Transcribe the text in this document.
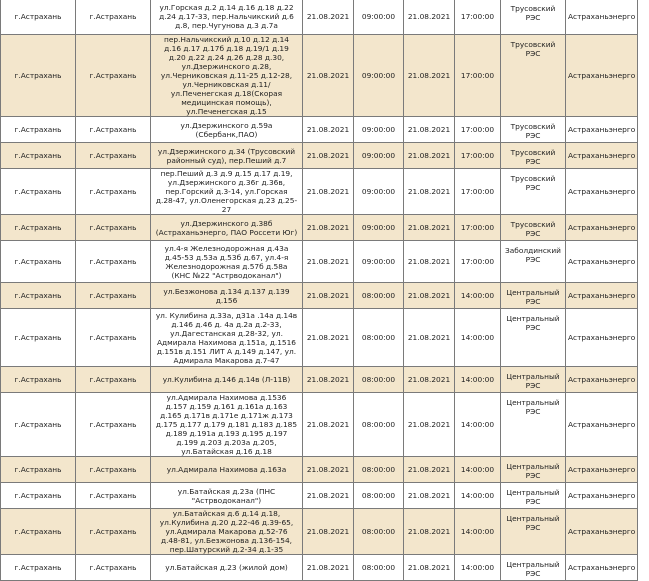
г.Астрахань	г.Астрахань	ул.Горская д.2 д.14 д.16 д.18 д.22 д.24 д.17-33, пер.Нальчикский д.6 д.8, пер.Чугунова д.3 д.7а	21.08.2021	09:00:00	21.08.2021	17:00:00	Трусовский РЭС	Астраханьэнерго
г.Астрахань	г.Астрахань	пер.Нальчикский д.10 д.12 д.14 д.16 д.17 д.17б д.18 д.19/1 д.19 д.20 д.22 д.24 д.26 д.28 д.30, ул.Дзержинского д.28, ул.Черниковская д.11-25 д.12-28, ул.Черниковская д.11/ ул.Печенегская д.18(Скорая медицинская помощь), ул.Печенегская д.15	21.08.2021	09:00:00	21.08.2021	17:00:00	Трусовский РЭС	Астраханьэнерго
г.Астрахань	г.Астрахань	ул.Дзержинского д.59а (Сбербанк,ПАО)	21.08.2021	09:00:00	21.08.2021	17:00:00	Трусовский РЭС	Астраханьэнерго
г.Астрахань	г.Астрахань	ул.Дзержинского д.34 (Трусовский районный суд), пер.Пеший д.7	21.08.2021	09:00:00	21.08.2021	17:00:00	Трусовский РЭС	Астраханьэнерго
г.Астрахань	г.Астрахань	пер.Пеший д.3 д.9 д.15 д.17 д.19, ул.Дзержинского д.36г д.36в, пер.Горский д.3-14, ул.Горская д.28-47, ул.Оленегорская д.23 д.25-27	21.08.2021	09:00:00	21.08.2021	17:00:00	Трусовский РЭС	Астраханьэнерго
г.Астрахань	г.Астрахань	ул.Дзержинского д.38б (Астраханьэнерго, ПАО Россети Юг)	21.08.2021	09:00:00	21.08.2021	17:00:00	Трусовский РЭС	Астраханьэнерго
г.Астрахань	г.Астрахань	ул.4-я Железнодорожная д.43а д.45-53 д.53а д.53б д.67, ул.4-я Железнодорожная д.57б д.58а (КНС №22 "Астрводоканал")	21.08.2021	09:00:00	21.08.2021	17:00:00	Заболдинский РЭС	Астраханьэнерго
г.Астрахань	г.Астрахань	ул.Безжонова д.134 д.137 д.139 д.156	21.08.2021	08:00:00	21.08.2021	14:00:00	Центральный РЭС	Астраханьэнерго
г.Астрахань	г.Астрахань	ул. Кулибина д.33а, д31а .14а д.14в д.146 д.46 д. 4а д.2а д.2-33, ул.Дагестанская д.28-32, ул. Адмирала Нахимова д.151а, д.1516 д.151в д.151 ЛИТ А д.149 д.147, ул. Адмирала Макарова д.7-47	21.08.2021	08:00:00	21.08.2021	14:00:00	Центральный РЭС	Астраханьэнерго
г.Астрахань	г.Астрахань	ул.Кулибина д.146 д.14в (Л-11В)	21.08.2021	08:00:00	21.08.2021	14:00:00	Центральный РЭС	Астраханьэнерго
г.Астрахань	г.Астрахань	ул.Адмирала Нахимова д.1536 д.157 д.159 д.161 д.161а д.163 д.165 д.171в д.171е д.171ж д.173 д.175 д.177 д.179 д.181 д.183 д.185 д.189 д.191а д.193 д.195 д.197 д.199 д.203 д.203а д.205, ул.Батайская д.16 д.18	21.08.2021	08:00:00	21.08.2021	14:00:00	Центральный РЭС	Астраханьэнерго
г.Астрахань	г.Астрахань	ул.Адмирала Нахимова д.163а	21.08.2021	08:00:00	21.08.2021	14:00:00	Центральный РЭС	Астраханьэнерго
г.Астрахань	г.Астрахань	ул.Батайская д.23а (ПНС "Астрводоканал")	21.08.2021	08:00:00	21.08.2021	14:00:00	Центральный РЭС	Астраханьэнерго
г.Астрахань	г.Астрахань	ул.Батайская д.6 д.14 д.18, ул.Кулибина д.20 д.22-46 д.39-65, ул.Адмирала Макарова д.52-76 д.48-81, ул.Безжонова д.136-154, пер.Шатурский д.2-34 д.1-35	21.08.2021	08:00:00	21.08.2021	14:00:00	Центральный РЭС	Астраханьэнерго
г.Астрахань	г.Астрахань	ул.Батайская д.23 (жилой дом)	21.08.2021	08:00:00	21.08.2021	14:00:00	Центральный РЭС	Астраханьэнерго
